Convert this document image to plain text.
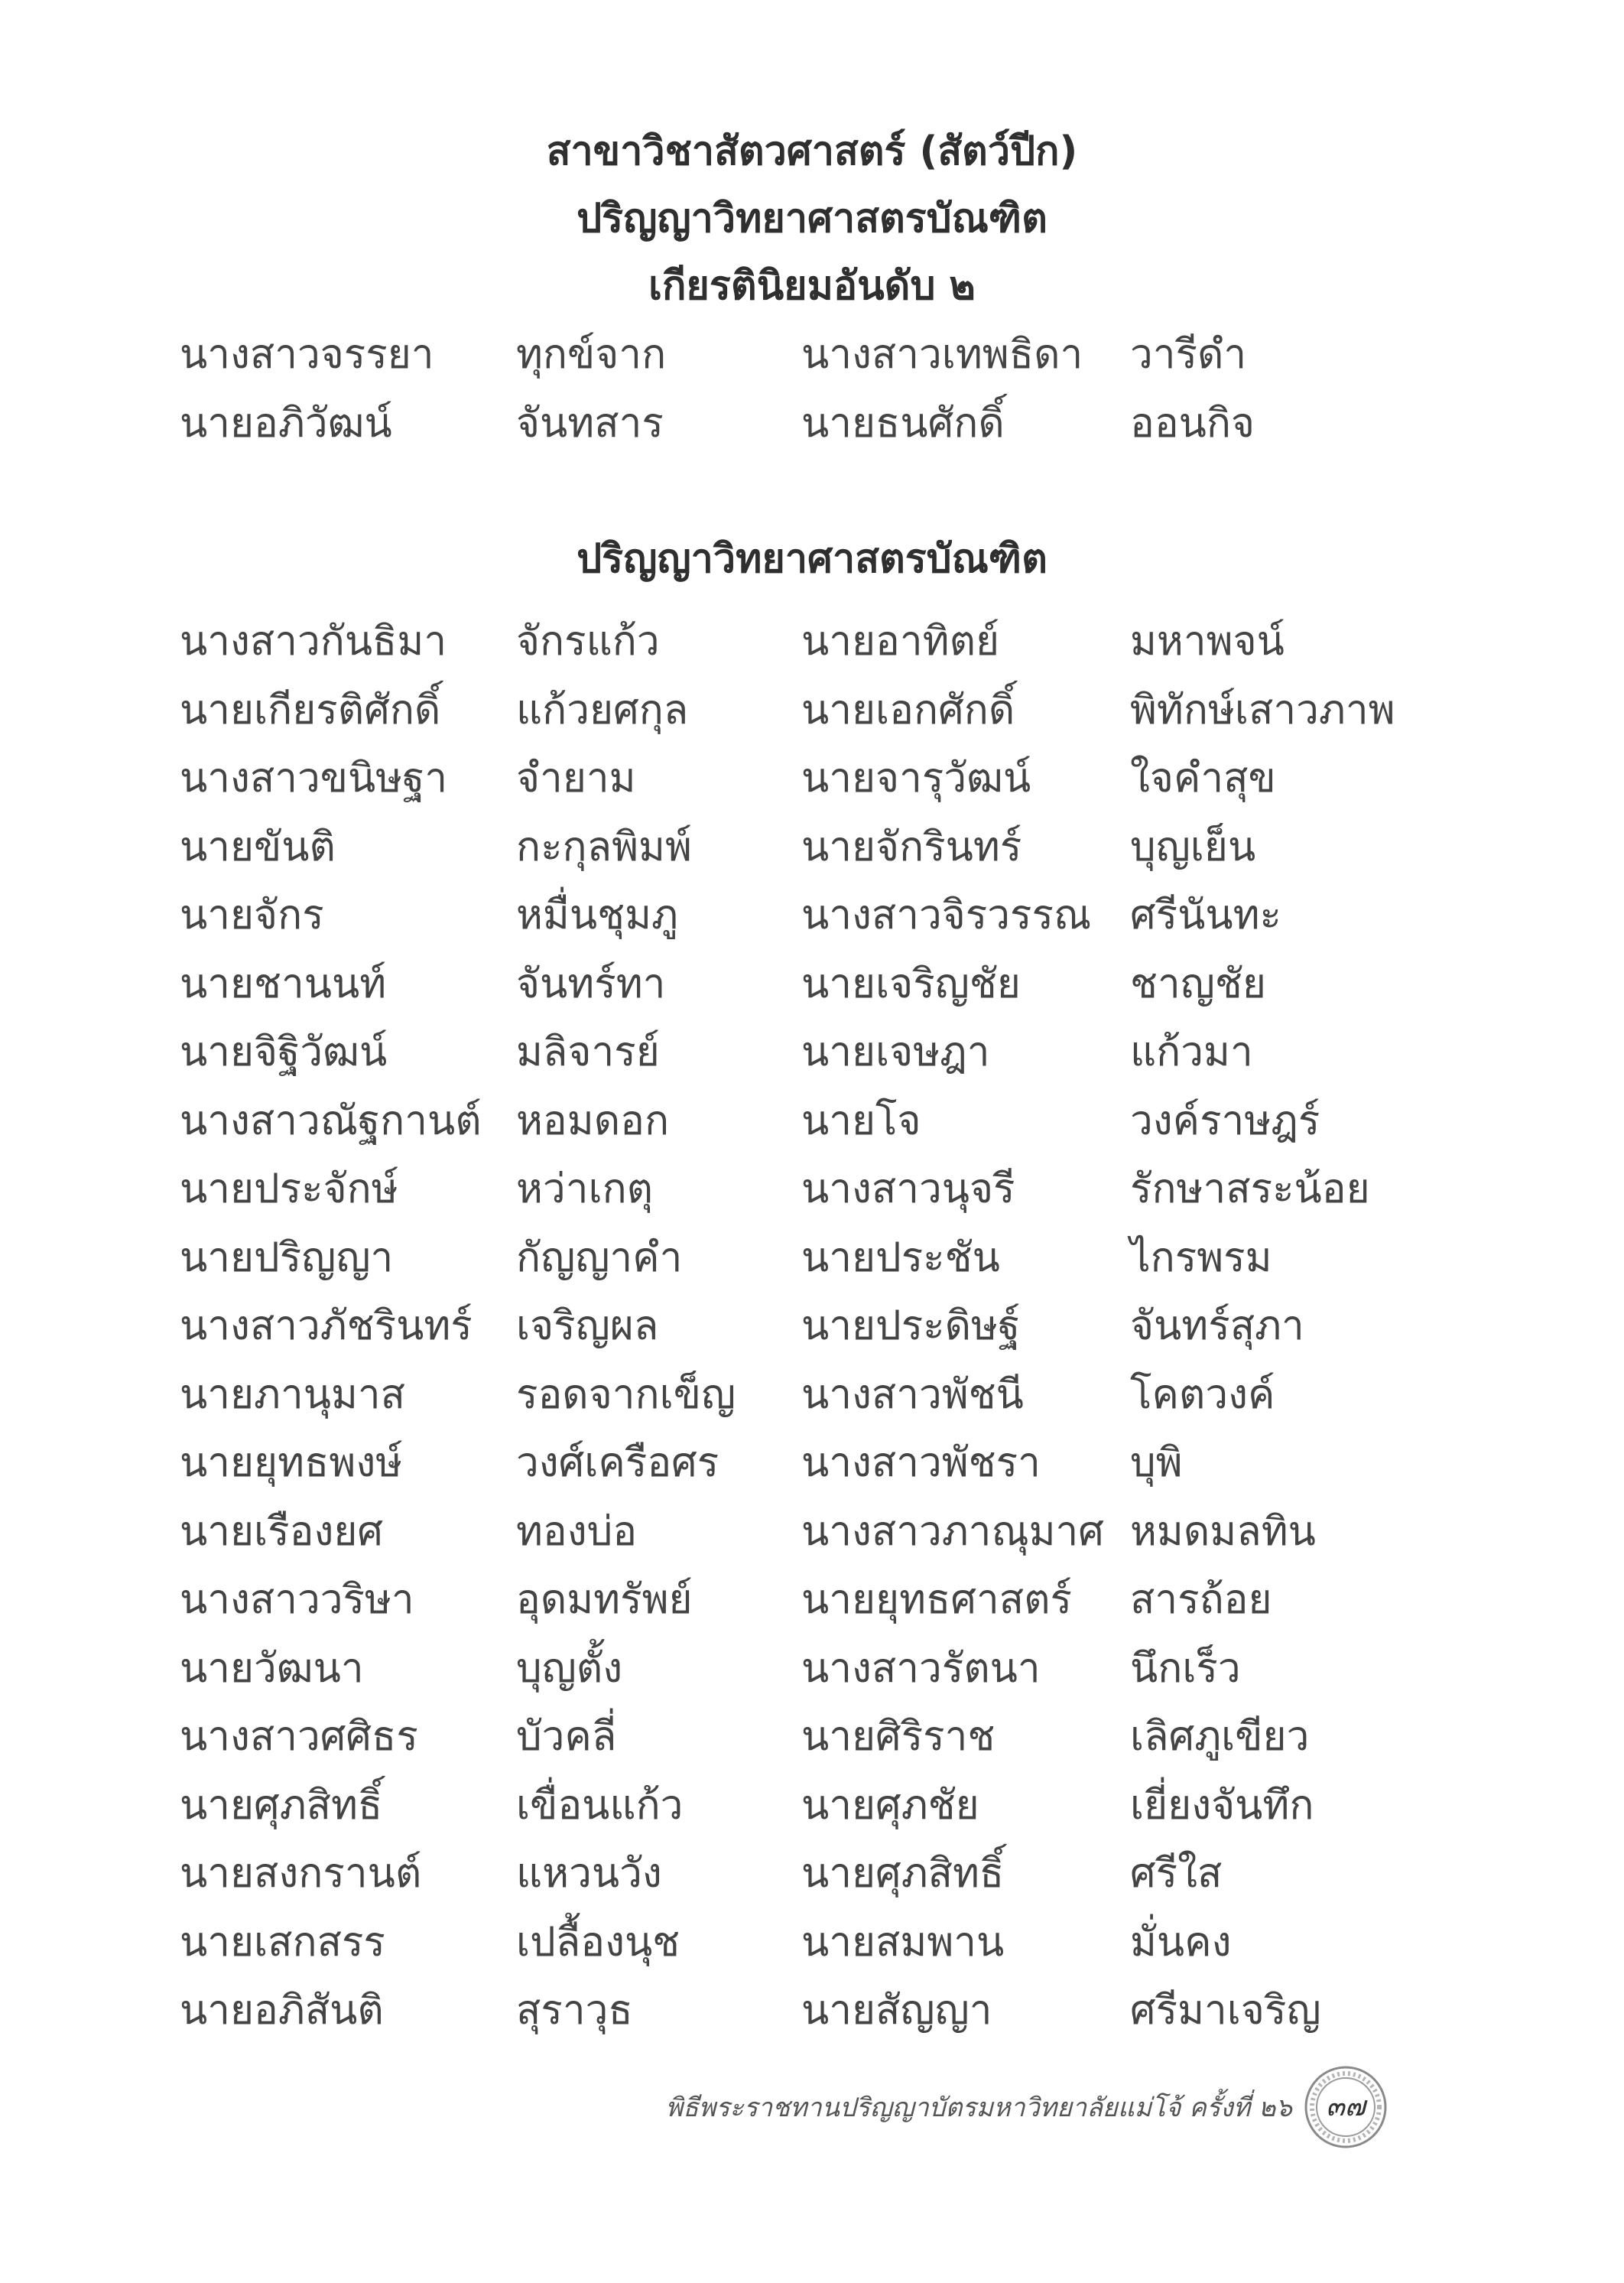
สาขาวิชาสัตวศาสตร์ (สัตว์ปีก)
ปริญญาวิทยาศาสตรบัณฑิต
เกียรตินิยมอันดับ ๒
นางสาวจรรยา ทุกข์จาก	นางสาวเทพธิดา วารีดำ
นายอภิวัฒน์	จันทสาร	นายธนศักดิ์	ออนกิจ
ปริญญาวิทยาศาสตรบัณฑิต
นางสาวกันธิมา จักรแก้ว	นายอาทิตย์	มหาพจน์
นายเกียรติศักดิ์ แก้วยศกุล	นายเอกศักดิ์	พิทักษ์เสาวภาพ
นางสาวขนิษฐา จำยาม	นายจารุวัฒน์ ใจคำสุข
นายขันติ	กะกุลพิมพ์	นายจักรินทร์	บุญเย็น
นายจักร	หมื่นชุมภู	นางสาวจิรวรรณ ศรีนันทะ
นายชานนท์	จันทร์ทา	นายเจริญชัย	ชาญชัย
นายจิฐิวัฒน์	มลิจารย์	นายเจษฎา	แก้วมา
นางสาวณัฐกานต์ หอมดอก	นายโจ	วงค์ราษฎร์
นายประจักษ์	หว่าเกตุ	นางสาวนุจรี	รักษาสระน้อย
นายปริญญา	กัญญาคำ	นายประชัน	ไกรพรม
นางสาวภัชรินทร์ เจริญผล	นายประดิษฐ์	จันทร์สุภา
นายภานุมาส	รอดจากเข็ญ นางสาวพัชนี	โคตวงค์
นายยุทธพงษ์	วงศ์เครือศร นางสาวพัชรา บุพิ
นายเรืองยศ	ทองบ่อ	นางสาวภาณุมาศ หมดมลทิน
นางสาววริษา	อุดมทรัพย์	นายยุทธศาสตร์ สารถ้อย
นายวัฒนา	บุญตั้ง	นางสาวรัตนา นึกเร็ว
นางสาวศศิธร บัวคลี่	นายศิริราช	เลิศภูเขียว
นายศุภสิทธิ์	เขื่อนแก้ว	นายศุภชัย	เยี่ยงจันทึก
นายสงกรานต์ แหวนวัง	นายศุภสิทธิ์	ศรีใส
นายเสกสรร	เปลื้องนุช	นายสมพาน	มั่นคง
นายอภิสันติ	สุราวุธ	นายสัญญา	ศรีมาเจริญ
พิธีพระราชทานปริญญาบัตรมหาวิทยาลัยแม่โจ้ ครั้งที่ ๒๖	๓๗
